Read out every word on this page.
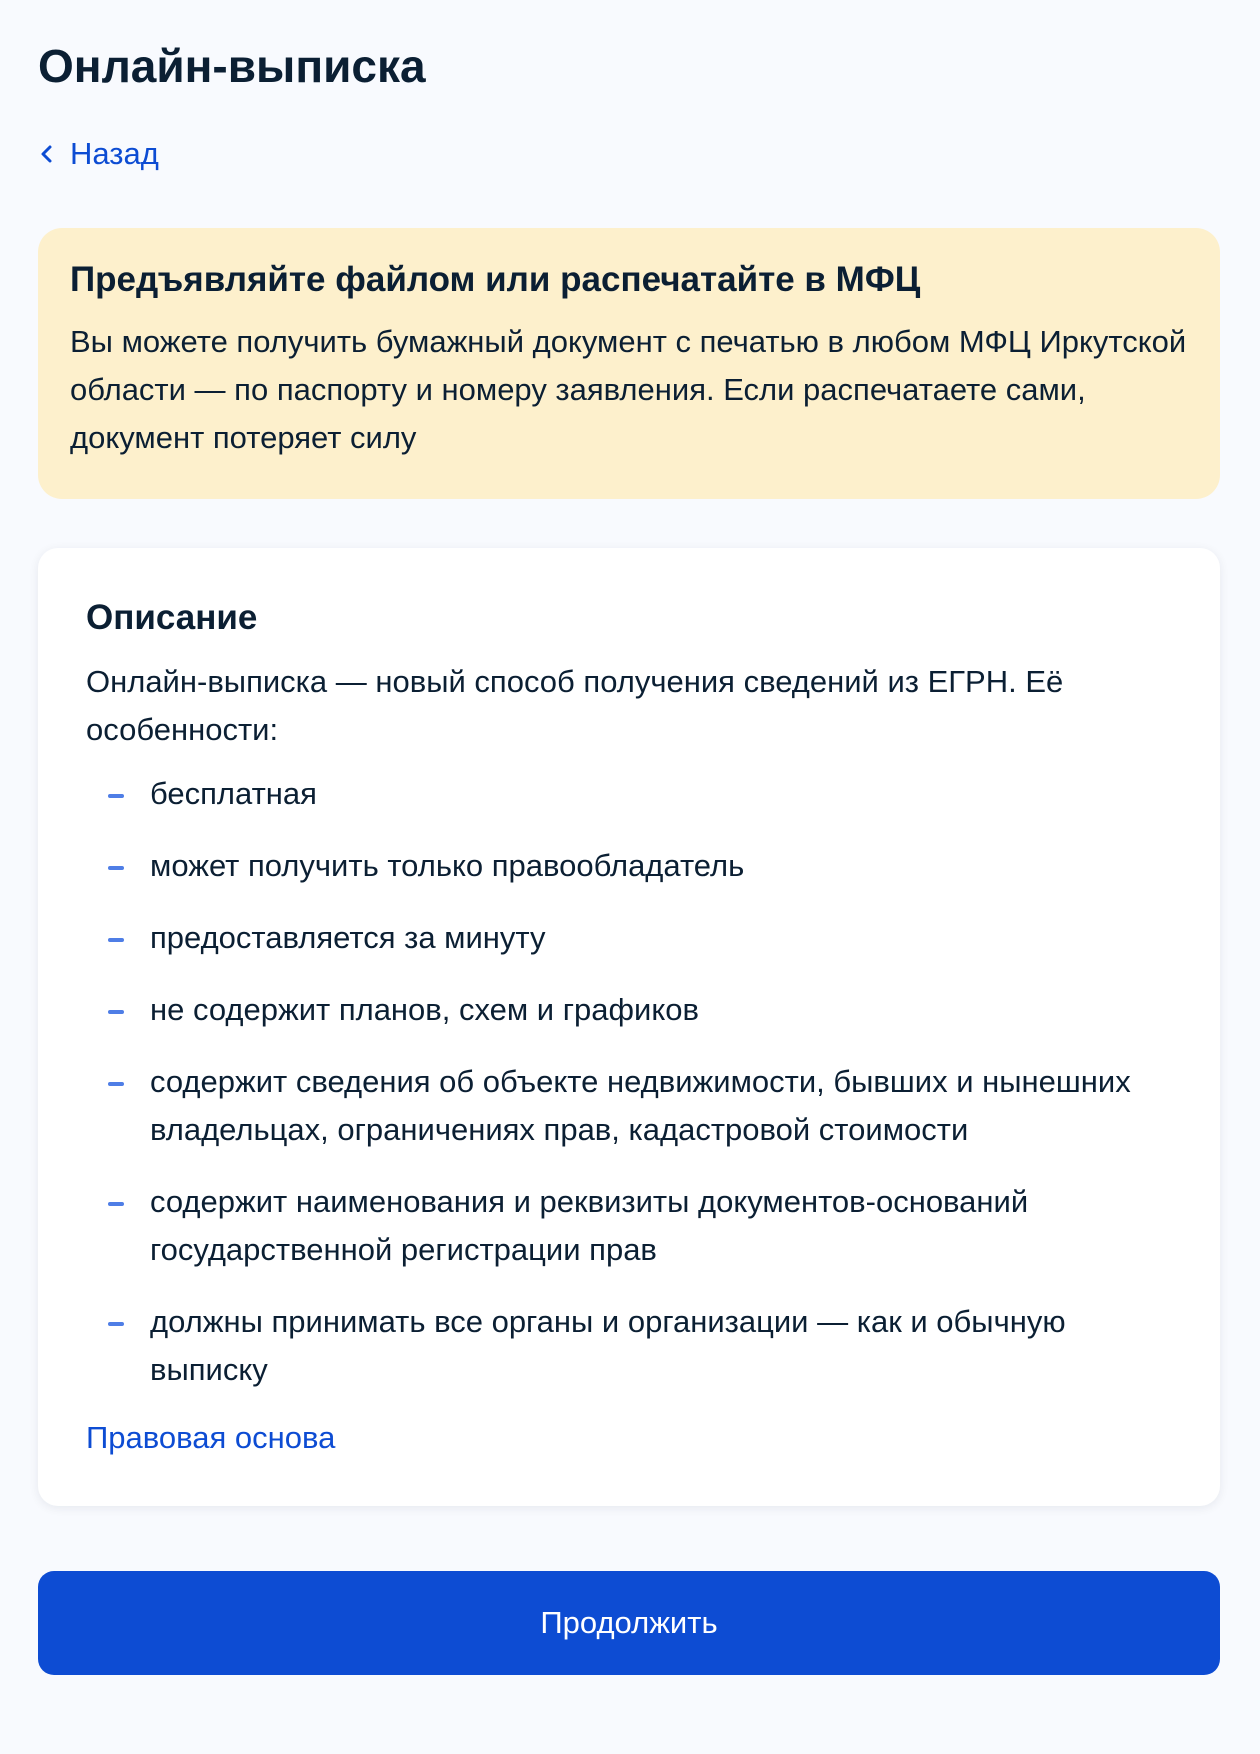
Онлайн-выписка
Назад
Предъявляйте файлом или распечатайте в МФЦ

Вы можете получить бумажный документ с печатью в любом МФЦ Иркутской области — по паспорту и номеру заявления. Если распечатаете сами, документ потеряет силу

Описание

Онлайн-выписка — новый способ получения сведений из ЕГРН. Её особенности:

бесплатная
может получить только правообладатель
предоставляется за минуту
не содержит планов, схем и графиков
содержит сведения об объекте недвижимости, бывших и нынешних владельцах, ограничениях прав, кадастровой стоимости
содержит наименования и реквизиты документов-оснований государственной регистрации прав
должны принимать все органы и организации — как и обычную выписку
Правовая основа
Продолжить
